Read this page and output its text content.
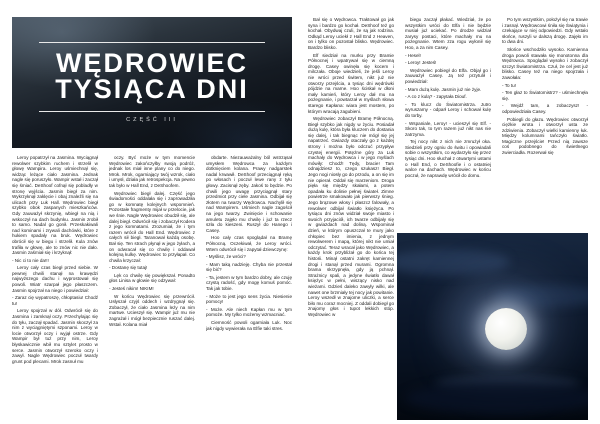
WĘDROWIEC
TYSIĄCA DNI
CZĘŚĆ III

Leroy popatrzył na Jasmina. Wyciągnął rewolwer szybkim ruchem i strzelił w głowę Wampira. Leroy uśmiechnął się, widząc leżące ciało Jasmina. Jednak nagle się poruszyło. Wampir wstał i zaczął się śmiać. DeShoof cofnął się pobladły w stronę wyjścia. Jasmin biegł za nim. Wykrzyknął zaklęcie i obaj znaleźli się na ulicach przy Luk Hall. Wędrowiec biegł szybko obok zaspanych mieszkańców. Gdy zauważył skrzynię, wbiegł na nią i wskoczył na dach budynku. Jasmin zrobił to samo. Nadal go gonił. Przeskakiwali nad kominami i zrywali dachówki, które z hukiem spadały na bruk. Wędrowiec obrócił się w biegu i strzelił. Kula znów trafiła w głowę, ale to znów nic nie dało. Jasmin zaśmiał się i krzyknął:

- Nic ci to nie da!!!

Leroy cały czas biegł przed siebie. W pewnej chwili stanął na krawędzi najwyższego dachu i wyprostował się powoli. Wiatr szarpał jego płaszczem. Jasmin spojrzał na niego i powiedział:

- Zaraz cię wypatroszę, chłoptasiu! Chodź tu!

Leroy spojrzał w dół. Odwrócił się do Jasmina i zamknął oczy. Przechylając się do tyłu, zaczął spadać. Jasmin skoczył za nim z wyciągniętymi szponami. Leroy w locie otworzył oczy i wyjął ostrze. Gdy Wampir był tuż przy nim, Leroy błyskawicznie wbił mu sztylet prosto w serce. Jasmin otworzył szeroko oczy i zawył. Nagle Wędrowiec poczuł twardy grunt pod plecami. Mrok zasnuł mu

oczy. Być może w tym momencie Wędrowiec zakończyłby swoją podróż, jednak los miał inne plany co do niego. Mrok. Mrok, ogarniający twój wzrok, ciało i umysł, działa jak retrospekcja. Na pewno tak było w Hall End, z DeShoofem.

Wędrowiec biegł dalej. Część jego świadomości oddalała się i zaprowadziła go w komnatę kolejnych wspomnień. Pozostałe fragmenty mijał w przelocie, jak we śnie. Nagle Wędrowiec obudził się, ale dalej biegł. Odwrócił się i zobaczył Kodera z jego komnatami. Zrozumiał, że i tym razem wrócił do Hall End. Wędrowiec z całych sił biegł. Taranował każdą osobę. Bał się. Ten strach płynął w jego żyłach, a on odwracał się co chwilę i oddawał kolejną kulkę. Wędrowiec to przyłapał. Co chwila krzyczał:

- Dostanę się tutaj!

Lęk co chwilę się powiększał. Ponadto głos Linisa w głowie się odzywał:

- Jesteś nikim! NIKIM!

W końcu Wędrowiec się przewrócił. Usłyszał czyjś oddech i wzdrygnął się. Zobaczył, że ciało Jasmina leży na nim martwe. Ucieszył się. Wampir już mu nie zagrażał i mógł bezpiecznie ruszać dalej. Wstał. Kolana miał

obdarte. Niezauważalny ból wstrząsał umysłem Wędrowca za każdym dotknięciem kolana. Prawy nadgarstek nadal krwawił. DeShoof przeciągnął ręką po włosach i poczuł lewe rany z tyłu głowy. Zacisnął zęby. Jakoś to będzie. Po chwili jego uwagę przyciągnął stary przedmiot przy ciele Jasmina. Odbijał się złotem na twarzy Wędrowca. Nachylił się nad Wampirem. Uśmiech nagle zagościł na jego twarzy. Zwinięcie i schowanie amuletu zajęło mu chwilę i już ta rzecz szła do kieszeni. Ruszył do Hanego i Casey.

Hoo cały czas spoglądał na Bramę Północną. Oczekiwał, że Leroy wróci. Wtem odwrócił się i zapytał dziewczynę:

- Myślisz, że wróci?

- Mam taką nadzieję. Chyba nie przestał się bić?

- Ta, jestem w tym bardzo dobry, ale czuję czystą radość, gdy mogę komuś pomóc. Tak jak tobie.

- Może to jest jego sens życia. Niesienie pomocy!

- Może. Ale niech Kapłan mu w tym pomoże. My tylko możemy wzmacniać.

Ciemność powoli ogarniała Luk. Noc jak nigdy wywierała na Elfie taki stres.

Bał się o Wędrowca. Traktował go jak syna i bardzo go kochał. DeShoof też go kochał. Obydwaj czuli, że są jak rodzina. Odkąd Leroy uciekł z Hall End z Heaven, on i tylko on pozostał blisko. Wędrowiec. Bardzo blisko.

Elf siedział na murku przy Bramie Północnej i wpatrywał się w ciemną drogę. Casey owinęła się kocem i milczała. Oboje wiedzieli, że jeśli Leroy nie wróci przed świtem, nikt już nie otworzy przejścia, a tysiąc dni wędrówki pójdzie na marne. Hoo ściskał w dłoni mały kamień, który Leroy dał mu na pożegnanie, i powtarzał w myślach słowa starego Kapłana: wiara jest mostem, po którym wracają zagubieni.

Wędrowiec zobaczył Bramę Północną. Biegł szybko jak nigdy w życiu. Posiadał dużą kulę, która była kluczem do dostania się dalej, i tak biegnąc nie mógł się jej napatrzeć. Gwiazdy otaczały go z każdej strony i można było odczuć przypływ czystej energii. Potężne góry za Luk machały do Wędrowca i w jego myślach mówiły: Chodź! Tędy, bracie! Tam odnajdziesz to, czego szukasz! Biegł. Jego nogi niosły go do przodu, a on się im nie opierał. Oddał się marzeniom. Droga pięła się między skałami, a potem opadała ku dolinie pełnej świateł. Zimne powietrze smakowało jak pierwszy śnieg. Jego brązowe włosy i płaszcz falowały, a rewolwer odbijał światło księżyca. Po tysiącu dni znów widział swoje miasto i swoich przyjaciół, ich twarze odbijały się w gwiazdach nad doliną. Wspominał dzień, w którym opuszczał te mury jako chłopiec bez imienia, z jednym rewolwerem i mapą, której nikt nie umiał odczytać. Teraz wracał jako Wędrowiec, a każdy krok przybliżał go do końca tej historii. Minął ostatni zakręt kamiennej drogi i stanął przed murami. Ogromna brama skrzypnęła, gdy ją pchnął. Strażnicy spali, a jedyne światło dawał księżyc w pełni, wiszący nisko nad wieżami. Gdzieś daleko zawyły wilki, ale nawet one brzmiały tej nocy jak powitanie. Leroy wszedł w znajome uliczki, a serce biło mu coraz mocniej. Z oddali dobiegł go znajomy głos i tupot lekkich stóp. Wędrowiec w

biegu zaczął płakać. Wiedział, że po wszystkim wróci do Elfa i nie będzie musiał już uciekać. Po drodze widział zarysy postaci, które machały mu na pożegnanie. Wtem zza rogu wyłonił się Hoo, a za nim Casey.

- Hesel!

- Leroy! Jesteś!

Wędrowiec pobiegł do Elfa. Objął go i zauważył Casey. Ją też przytulił i powiedział:

- Mam dużą kulę. Jasmin już nie żyje.

- A co z kulą? - zapytała Diouf.

- To klucz do Światomistrza. Jutro wyruszamy - odparł Leroy i schował kulę do torby.

- Wspaniale, Leroy! - ucieszył się Elf. - Skoro tak, to tym razem już nikt nas nie zatrzyma.

Tej nocy nikt z nich nie zmrużył oka. Siedzieli przy ogniu do świtu i opowiadali sobie o wszystkim, co wydarzyło się przez tysiąc dni. Hoo słuchał z otwartymi ustami o Hall End, o DeShoofie i o ostatniej walce na dachach. Wędrowiec w końcu poczuł, że naprawdę wrócił do domu.

Po tym wszystkim, położył się na trawie i zasnął. Wędrowcowi śniła się Świątynia i czekające w niej odpowiedzi. Gdy wstało słońce, ruszyli w dalszą drogę. Zajęło im to dwa dni.

Słońce wschodziło wysoko. Kamienna droga powoli stawała się monotonna dla Wędrowca. Spoglądał wysoko i zobaczył szczyt Światomistrza. Czuł, że cel jest już blisko. Casey też na niego spojrzała i zawołała:

- To tu!

- Ten głaz to Światomistrz? - uśmiechnęła się.

- Wejdź tam, a zobaczysz! - odpowiedziała Casey.

Pobiegli do głazu. Wędrowiec otworzył ciężkie wrota i otworzył usta ze zdziwienia. Zobaczył wielki kamienny łuk. Między kolumnami tańczyło światło. Magiczne przejście! Przed nią zawsze coś podobnego do świetlnego zwierciadła. Rozerwał się
